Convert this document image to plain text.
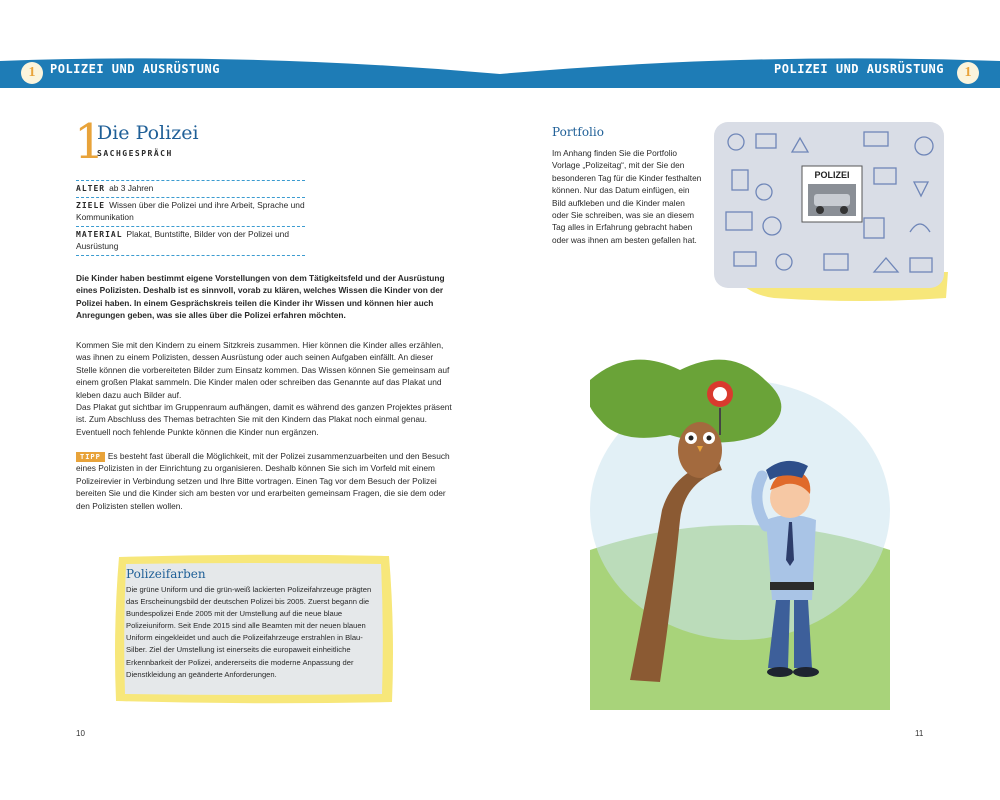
1	POLIZEI UND AUSRÜSTUNG	POLIZEI UND AUSRÜSTUNG	1
1
Die Polizei
SACHGESPRÄCH
ALTER ab 3 Jahren
ZIELE Wissen über die Polizei und ihre Arbeit, Sprache und Kommunikation
MATERIAL Plakat, Buntstifte, Bilder von der Polizei und Ausrüstung

Die Kinder haben bestimmt eigene Vorstellungen von dem Tätigkeitsfeld und der Ausrüstung eines Polizisten. Deshalb ist es sinnvoll, vorab zu klären, welches Wissen die Kinder von der Polizei haben. In einem Gesprächskreis teilen die Kinder ihr Wissen und können hier auch Anregungen geben, was sie alles über die Polizei erfahren möchten.

Kommen Sie mit den Kindern zu einem Sitzkreis zusammen. Hier können die Kinder alles erzählen, was ihnen zu einem Polizisten, dessen Ausrüstung oder auch seinen Aufgaben einfällt. An dieser Stelle können die vorbereiteten Bilder zum Einsatz kommen. Das Wissen können Sie gemeinsam auf einem großen Plakat sammeln. Die Kinder malen oder schreiben das Genannte auf das Plakat und kleben dazu auch Bilder auf.

Das Plakat gut sichtbar im Gruppenraum aufhängen, damit es während des ganzen Projektes präsent ist. Zum Abschluss des Themas betrachten Sie mit den Kindern das Plakat noch einmal genau. Eventuell noch fehlende Punkte können die Kinder nun ergänzen.

TIPP Es besteht fast überall die Möglichkeit, mit der Polizei zusammenzuarbeiten und den Besuch eines Polizisten in der Einrichtung zu organisieren. Deshalb können Sie sich im Vorfeld mit einem Polizeirevier in Verbindung setzen und Ihre Bitte vortragen. Einen Tag vor dem Besuch der Polizei bereiten Sie und die Kinder sich am besten vor und erarbeiten gemeinsam Fragen, die sie dem oder den Polizisten stellen wollen.

Polizeifarben

Die grüne Uniform und die grün-weiß lackierten Polizeifahrzeuge prägten das Erscheinungsbild der deutschen Polizei bis 2005. Zuerst begann die Bundespolizei Ende 2005 mit der Umstellung auf die neue blaue Polizeiuniform. Seit Ende 2015 sind alle Beamten mit der neuen blauen Uniform eingekleidet und auch die Polizeifahrzeuge erstrahlen in Blau-Silber. Ziel der Umstellung ist einerseits die europaweit einheitliche Erkennbarkeit der Polizei, andererseits die moderne Anpassung der Dienstkleidung an geänderte Anforderungen.

10
Portfolio

Im Anhang finden Sie die Portfolio Vorlage „Polizeitag“, mit der Sie den besonderen Tag für die Kinder festhalten können. Nur das Datum einfügen, ein Bild aufkleben und die Kinder malen oder Sie schreiben, was sie an diesem Tag alles in Erfahrung gebracht haben oder was ihnen am besten gefallen hat.

POLIZEI
11
